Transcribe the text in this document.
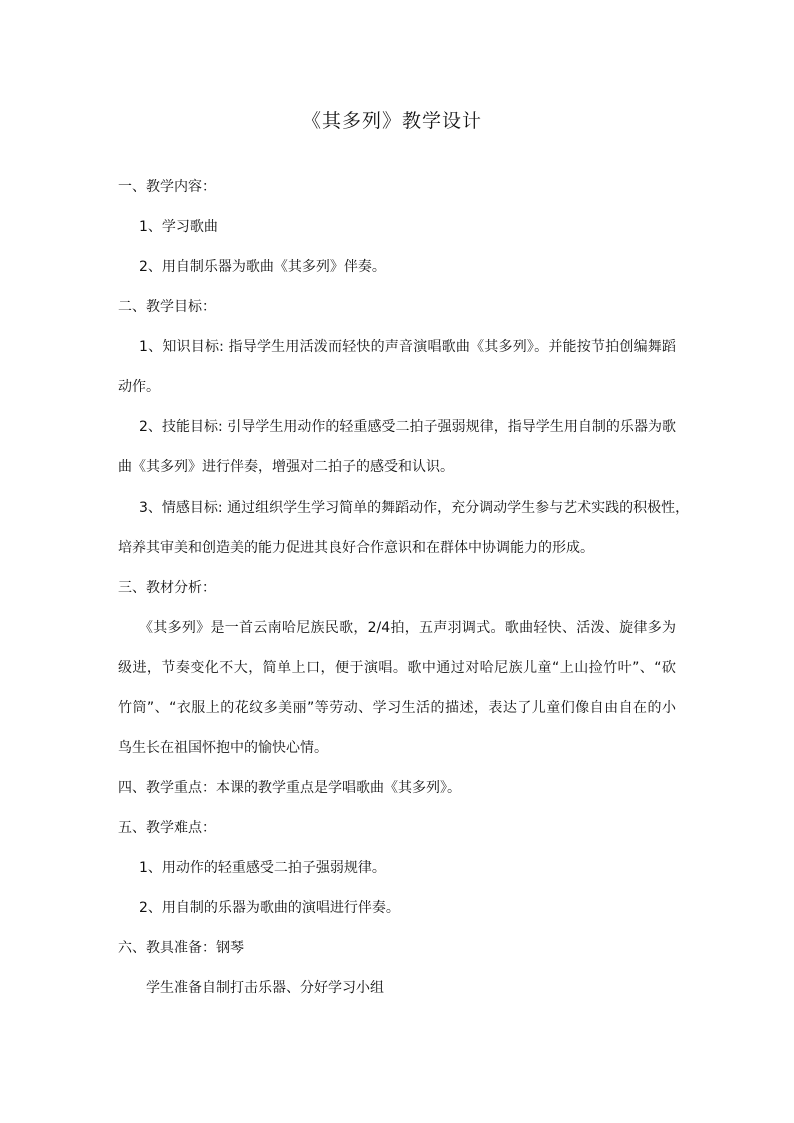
《其多列》教学设计
一、教学内容：
1、学习歌曲
2、用自制乐器为歌曲《其多列》伴奏。
二、教学目标：
1、知识目标: 指导学生用活泼而轻快的声音演唱歌曲《其多列》。并能按节拍创编舞蹈
动作。
2、技能目标: 引导学生用动作的轻重感受二拍子强弱规律，指导学生用自制的乐器为歌
曲《其多列》进行伴奏，增强对二拍子的感受和认识。
3、情感目标: 通过组织学生学习简单的舞蹈动作，充分调动学生参与艺术实践的积极性，
培养其审美和创造美的能力促进其良好合作意识和在群体中协调能力的形成。
三、教材分析：
《其多列》是一首云南哈尼族民歌，2/4拍，五声羽调式。歌曲轻快、活泼、旋律多为
级进，节奏变化不大，简单上口，便于演唱。歌中通过对哈尼族儿童“上山捡竹叶”、“砍
竹筒”、“衣服上的花纹多美丽”等劳动、学习生活的描述，表达了儿童们像自由自在的小
鸟生长在祖国怀抱中的愉快心情。
四、教学重点：本课的教学重点是学唱歌曲《其多列》。
五、教学难点：
1、用动作的轻重感受二拍子强弱规律。
2、用自制的乐器为歌曲的演唱进行伴奏。
六、教具准备：钢琴
学生准备自制打击乐器、分好学习小组
